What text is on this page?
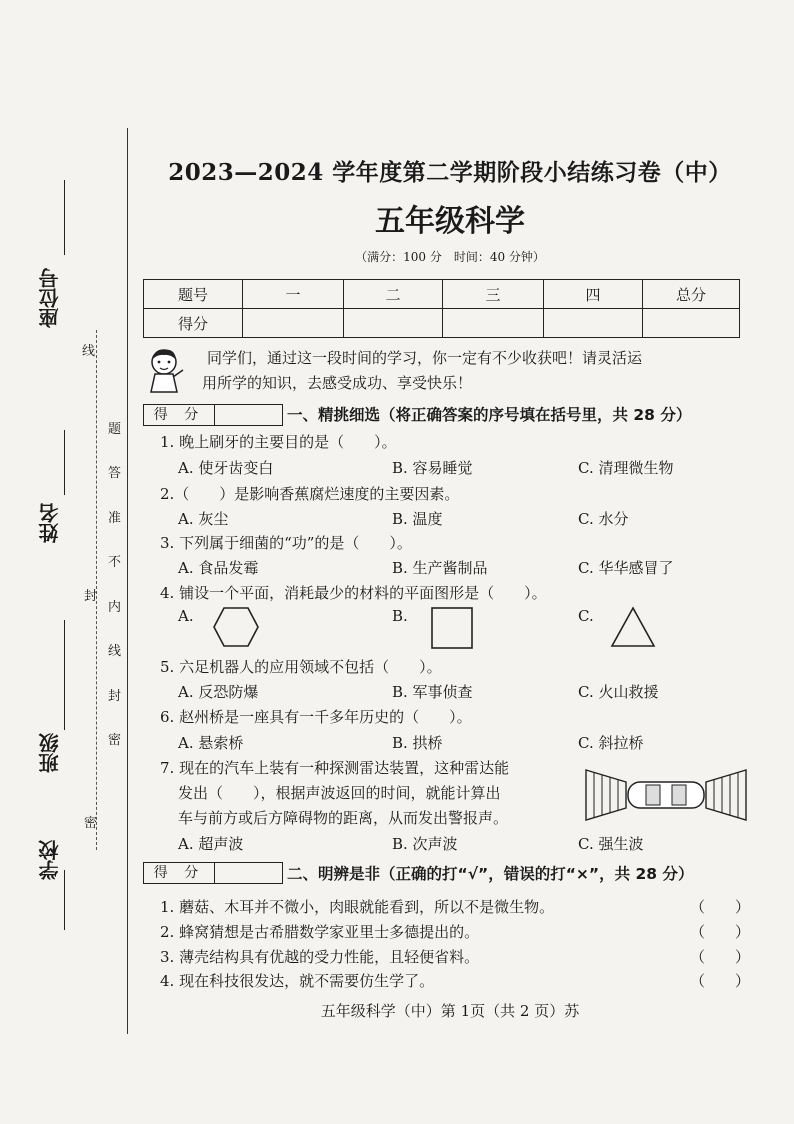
座位号
姓名
班级
学校
线
封
密
题
答
准
不
内
线
封
密
2023—2024 学年度第二学期阶段小结练习卷（中）
五年级科学
（满分：100 分　时间：40 分钟）
题号	一	二	三	四	总分
得分					
同学们，通过这一段时间的学习，你一定有不少收获吧！请灵活运
用所学的知识，去感受成功、享受快乐！
得 分	一、精挑细选（将正确答案的序号填在括号里，共 28 分）
1. 晚上刷牙的主要目的是（　　）。
A. 使牙齿变白	B. 容易睡觉	C. 清理微生物
2.（　　）是影响香蕉腐烂速度的主要因素。
A. 灰尘	B. 温度	C. 水分
3. 下列属于细菌的“功”的是（　　）。
A. 食品发霉	B. 生产酱制品	C. 华华感冒了
4. 铺设一个平面，消耗最少的材料的平面图形是（　　）。
A.	B.	C.
5. 六足机器人的应用领域不包括（　　）。
A. 反恐防爆	B. 军事侦查	C. 火山救援
6. 赵州桥是一座具有一千多年历史的（　　）。
A. 悬索桥	B. 拱桥	C. 斜拉桥
7. 现在的汽车上装有一种探测雷达装置，这种雷达能
发出（　　），根据声波返回的时间，就能计算出
车与前方或后方障碍物的距离，从而发出警报声。
A. 超声波	B. 次声波	C. 强生波
得 分	二、明辨是非（正确的打“√”，错误的打“×”，共 28 分）
1. 蘑菇、木耳并不微小，肉眼就能看到，所以不是微生物。	（　　）
2. 蜂窝猜想是古希腊数学家亚里士多德提出的。	（　　）
3. 薄壳结构具有优越的受力性能，且轻便省料。	（　　）
4. 现在科技很发达，就不需要仿生学了。	（　　）
五年级科学（中）第 1页（共 2 页）苏
